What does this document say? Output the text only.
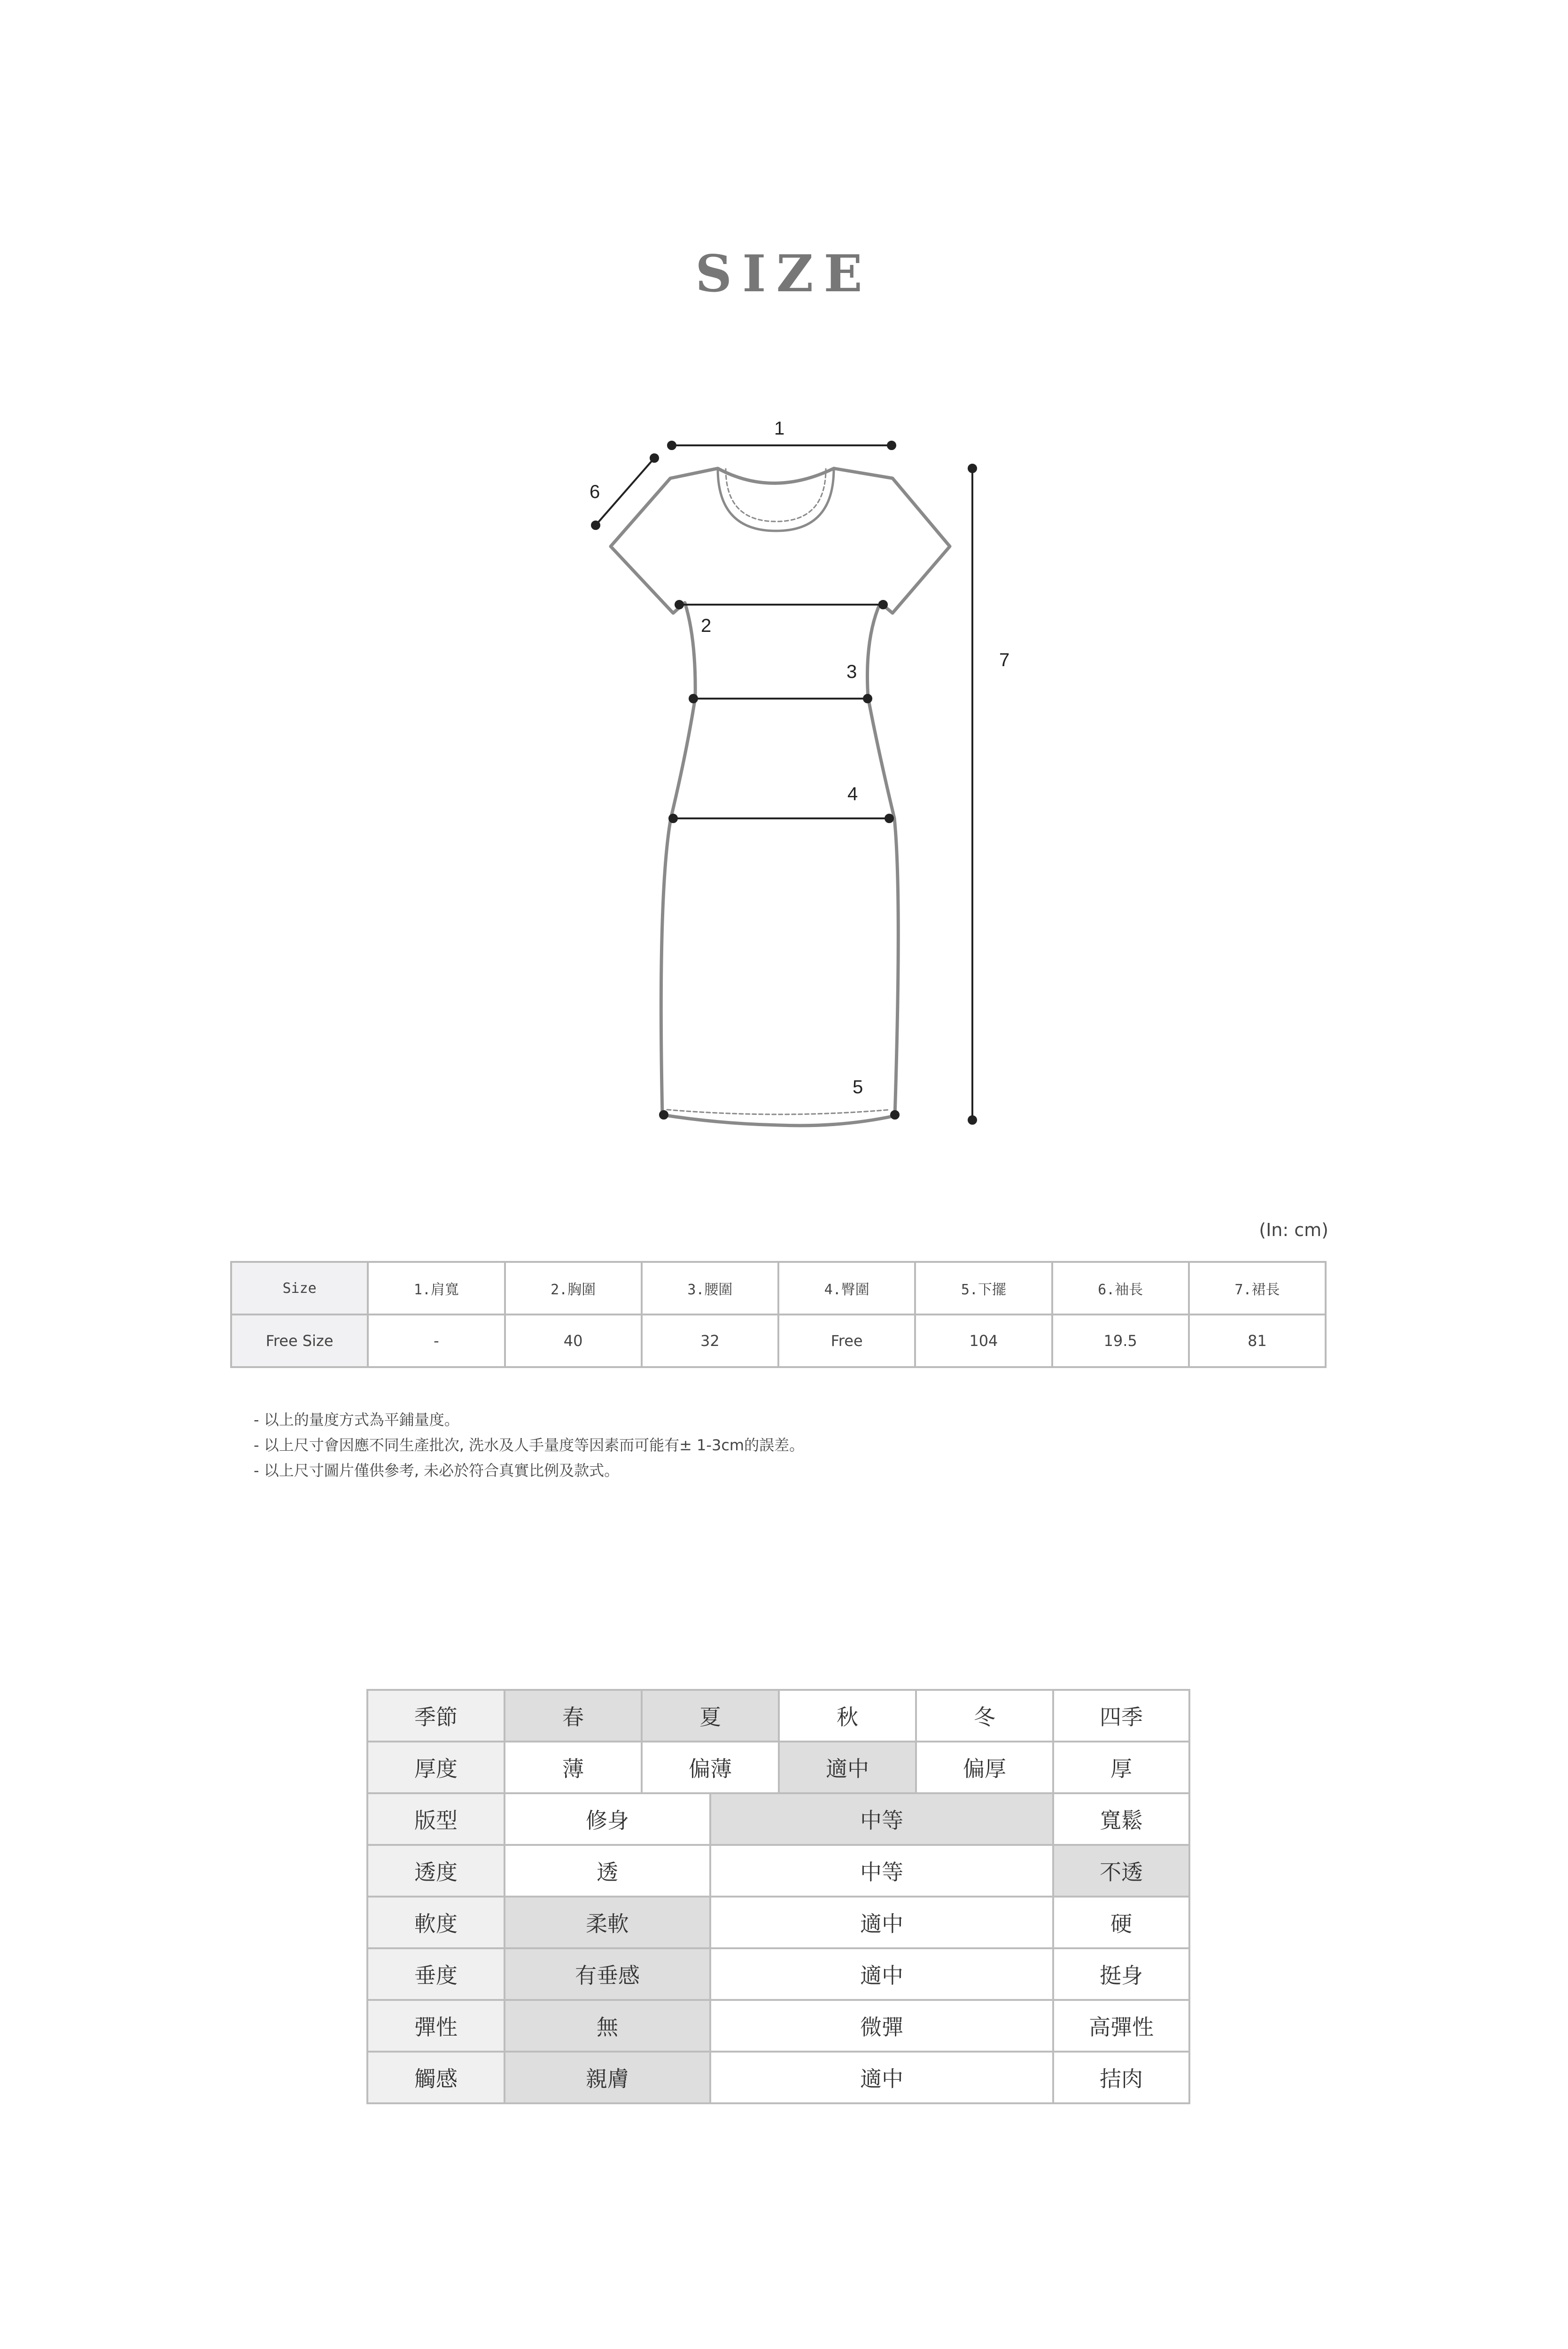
SIZE
1
2
3
4
5
6
7
(In: cm)
Size	1.肩寬	2.胸圍	3.腰圍	4.臀圍	5.下擺	6.袖長	7.裙長
Free Size	-	40	32	Free	104	19.5	81
- 以上的量度方式為平鋪量度。
- 以上尺寸會因應不同生產批次, 洗水及人手量度等因素而可能有± 1-3cm的誤差。
- 以上尺寸圖片僅供參考, 未必於符合真實比例及款式。
季節	春	夏		秋	冬	四季
厚度	薄	偏薄		適中	偏厚	厚
版型	修身		中等			寬鬆
透度	透		中等			不透
軟度	柔軟		適中			硬
垂度	有垂感		適中			挺身
彈性	無		微彈			高彈性
觸感	親膚		適中			拮肉
